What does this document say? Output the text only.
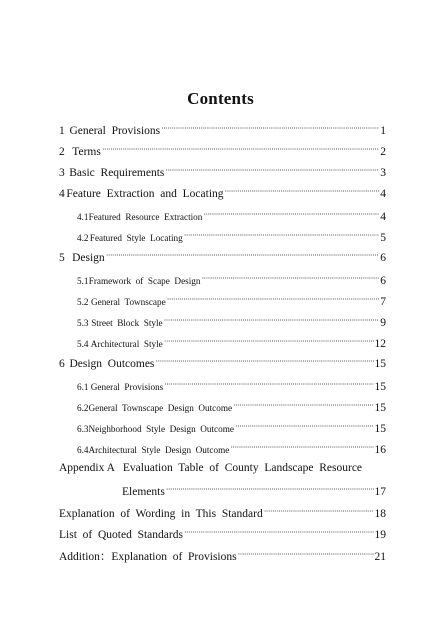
Contents
1 General  Provisions ·····	1
2 Terms ·····	2
3 Basic  Requirements ·····	3
4 Feature  Extraction  and  Locating ·····	4
4.1 Featured  Resource  Extraction ·····	4
4.2 Featured  Style  Locating ·····	5
5 Design ·····	6
5.1 Framework  of  Scape  Design ·····	6
5.2 General  Townscape ·····	7
5.3 Street  Block  Style ·····	9
5.4 Architectural  Style ·····	12
6 Design  Outcomes ·····	15
6.1 General  Provisions ·····	15
6.2 General  Townscape  Design  Outcome ·····	15
6.3 Neighborhood  Style  Design  Outcome ·····	15
6.4 Architectural  Style  Design  Outcome ·····	16
Appendix A   Evaluation  Table  of  County  Landscape  Resource
Elements ·····	17
Explanation  of  Wording  in  This  Standard ·····	18
List  of  Quoted  Standards ·····	19
Addition：Explanation  of  Provisions ·····	21
